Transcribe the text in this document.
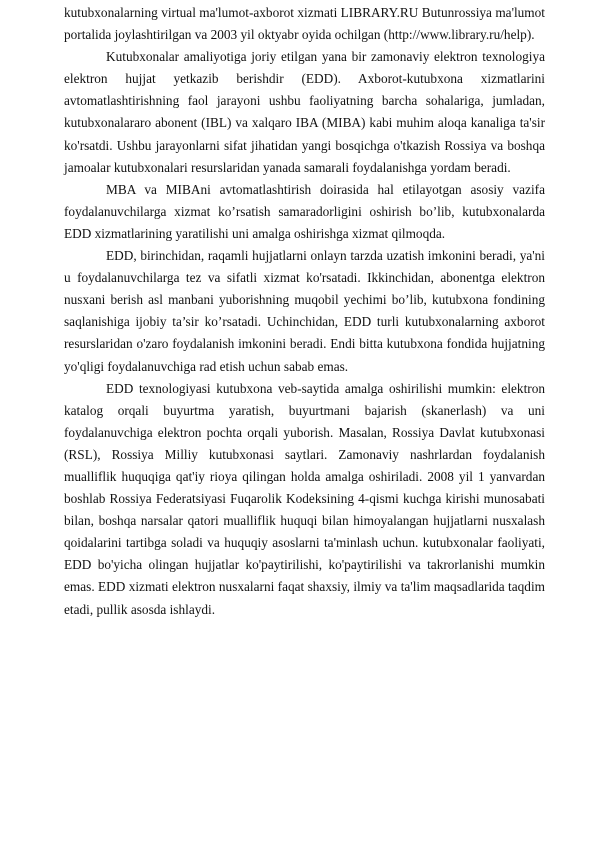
kutubxonalarning virtual ma'lumot-axborot xizmati LIBRARY.RU Butunrossiya ma'lumot portalida joylashtirilgan va 2003 yil oktyabr oyida ochilgan (http://www.library.ru/help).

Kutubxonalar amaliyotiga joriy etilgan yana bir zamonaviy elektron texnologiya elektron hujjat yetkazib berishdir (EDD). Axborot-kutubxona xizmatlarini avtomatlashtirishning faol jarayoni ushbu faoliyatning barcha sohalariga, jumladan, kutubxonalararo abonent (IBL) va xalqaro IBA (MIBA) kabi muhim aloqa kanaliga ta'sir ko'rsatdi. Ushbu jarayonlarni sifat jihatidan yangi bosqichga o'tkazish Rossiya va boshqa jamoalar kutubxonalari resurslaridan yanada samarali foydalanishga yordam beradi.

MBA va MIBAni avtomatlashtirish doirasida hal etilayotgan asosiy vazifa foydalanuvchilarga xizmat ko’rsatish samaradorligini oshirish bo’lib, kutubxonalarda EDD xizmatlarining yaratilishi uni amalga oshirishga xizmat qilmoqda.

EDD, birinchidan, raqamli hujjatlarni onlayn tarzda uzatish imkonini beradi, ya'ni u foydalanuvchilarga tez va sifatli xizmat ko'rsatadi. Ikkinchidan, abonentga elektron nusxani berish asl manbani yuborishning muqobil yechimi bo’lib, kutubxona fondining saqlanishiga ijobiy ta’sir ko’rsatadi. Uchinchidan, EDD turli kutubxonalarning axborot resurslaridan o'zaro foydalanish imkonini beradi. Endi bitta kutubxona fondida hujjatning yo'qligi foydalanuvchiga rad etish uchun sabab emas.

EDD texnologiyasi kutubxona veb-saytida amalga oshirilishi mumkin: elektron katalog orqali buyurtma yaratish, buyurtmani bajarish (skanerlash) va uni foydalanuvchiga elektron pochta orqali yuborish. Masalan, Rossiya Davlat kutubxonasi (RSL), Rossiya Milliy kutubxonasi saytlari. Zamonaviy nashrlardan foydalanish mualliflik huquqiga qat'iy rioya qilingan holda amalga oshiriladi. 2008 yil 1 yanvardan boshlab Rossiya Federatsiyasi Fuqarolik Kodeksining 4-qismi kuchga kirishi munosabati bilan, boshqa narsalar qatori mualliflik huquqi bilan himoyalangan hujjatlarni nusxalash qoidalarini tartibga soladi va huquqiy asoslarni ta'minlash uchun. kutubxonalar faoliyati, EDD bo'yicha olingan hujjatlar ko'paytirilishi, ko'paytirilishi va takrorlanishi mumkin emas. EDD xizmati elektron nusxalarni faqat shaxsiy, ilmiy va ta'lim maqsadlarida taqdim etadi, pullik asosda ishlaydi.
